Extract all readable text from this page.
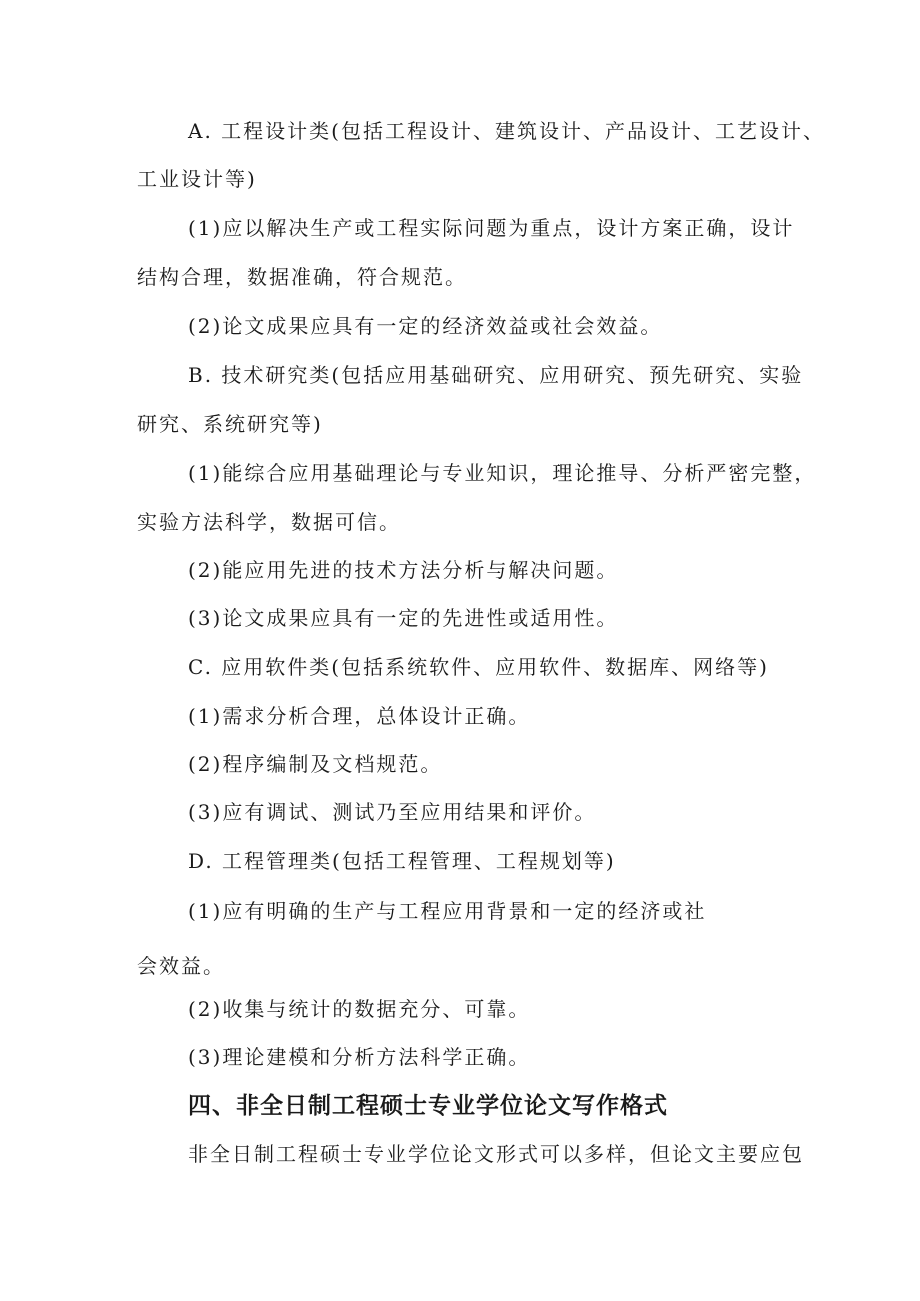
A. 工程设计类(包括工程设计、建筑设计、产品设计、工艺设计、
工业设计等)
(1)应以解决生产或工程实际问题为重点，设计方案正确，设计
结构合理，数据准确，符合规范。
(2)论文成果应具有一定的经济效益或社会效益。
B. 技术研究类(包括应用基础研究、应用研究、预先研究、实验
研究、系统研究等)
(1)能综合应用基础理论与专业知识，理论推导、分析严密完整，
实验方法科学，数据可信。
(2)能应用先进的技术方法分析与解决问题。
(3)论文成果应具有一定的先进性或适用性。
C. 应用软件类(包括系统软件、应用软件、数据库、网络等)
(1)需求分析合理，总体设计正确。
(2)程序编制及文档规范。
(3)应有调试、测试乃至应用结果和评价。
D. 工程管理类(包括工程管理、工程规划等)
(1)应有明确的生产与工程应用背景和一定的经济或社
会效益。
(2)收集与统计的数据充分、可靠。
(3)理论建模和分析方法科学正确。
四、非全日制工程硕士专业学位论文写作格式
非全日制工程硕士专业学位论文形式可以多样，但论文主要应包
